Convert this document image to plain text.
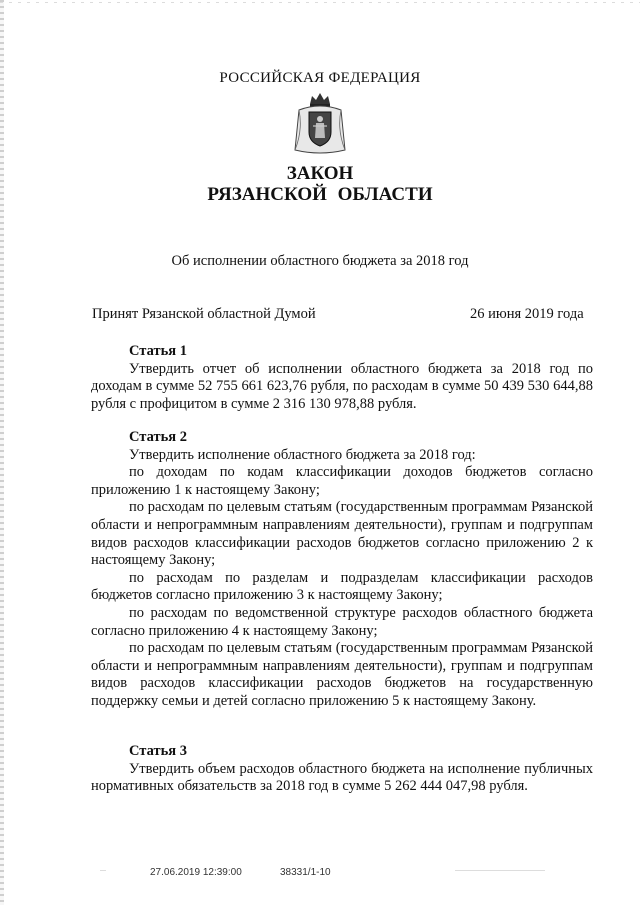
РОССИЙСКАЯ ФЕДЕРАЦИЯ
ЗАКОН
РЯЗАНСКОЙ ОБЛАСТИ
Об исполнении областного бюджета за 2018 год
Принят Рязанской областной Думой	26 июня 2019 года

Статья 1

Утвердить отчет об исполнении областного бюджета за 2018 год по доходам в сумме 52 755 661 623,76 рубля, по расходам в сумме 50 439 530 644,88 рубля с профицитом в сумме 2 316 130 978,88 рубля.

Статья 2

Утвердить исполнение областного бюджета за 2018 год:

по доходам по кодам классификации доходов бюджетов согласно приложению 1 к настоящему Закону;

по расходам по целевым статьям (государственным программам Рязанской области и непрограммным направлениям деятельности), группам и подгруппам видов расходов классификации расходов бюджетов согласно приложению 2 к настоящему Закону;

по расходам по разделам и подразделам классификации расходов бюджетов согласно приложению 3 к настоящему Закону;

по расходам по ведомственной структуре расходов областного бюджета согласно приложению 4 к настоящему Закону;

по расходам по целевым статьям (государственным программам Рязанской области и непрограммным направлениям деятельности), группам и подгруппам видов расходов классификации расходов бюджетов на государственную поддержку семьи и детей согласно приложению 5 к настоящему Закону.

Статья 3

Утвердить объем расходов областного бюджета на исполнение публичных нормативных обязательств за 2018 год в сумме 5 262 444 047,98 рубля.

27.06.2019 12:39:00	38331/1-10
